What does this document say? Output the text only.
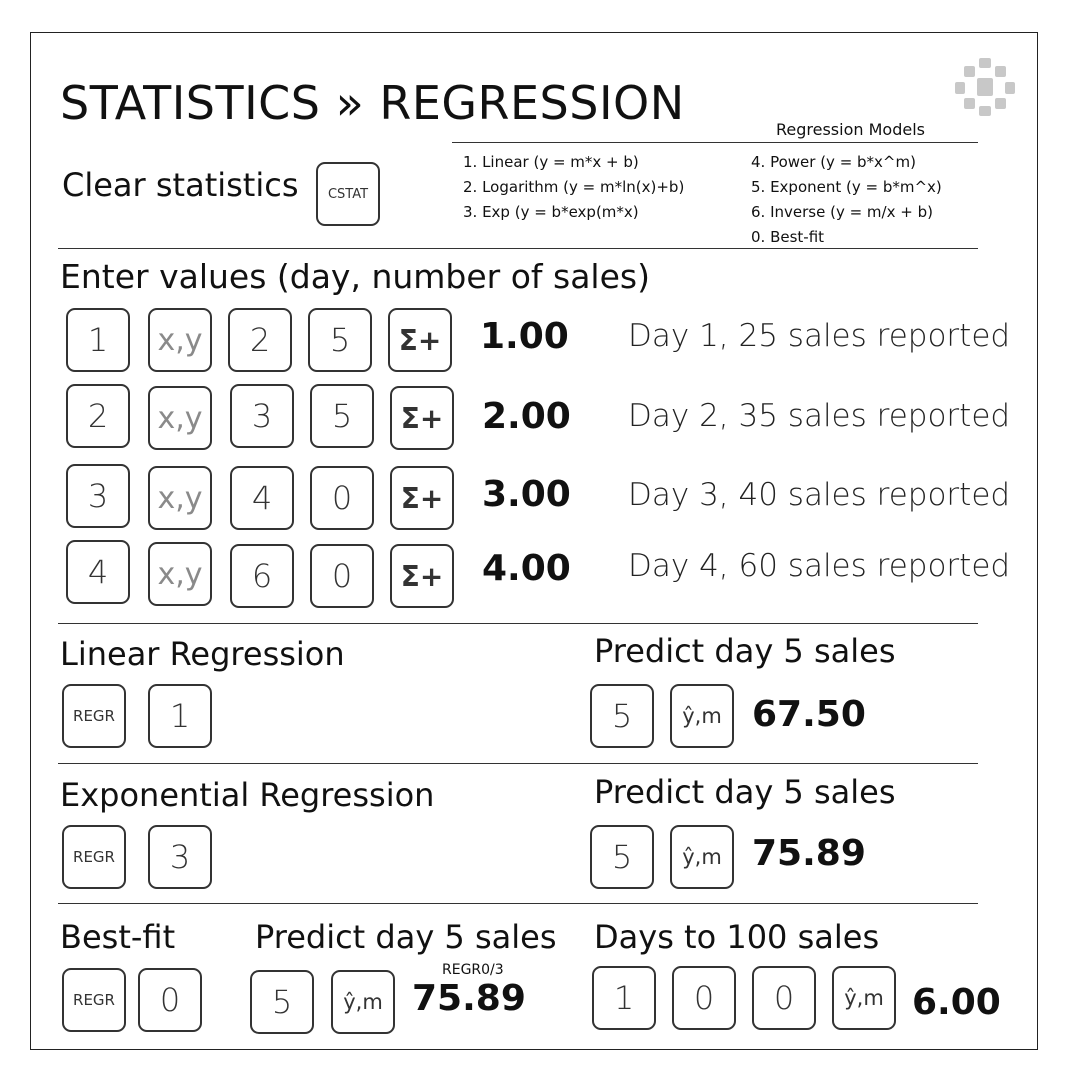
STATISTICS » REGRESSION
Clear statistics	CSTAT
Regression Models
1. Linear (y = m*x + b)
2. Logarithm (y = m*ln(x)+b)
3. Exp (y = b*exp(m*x)
4. Power (y = b*x^m)
5. Exponent (y = b*m^x)
6. Inverse (y = m/x + b)
0. Best-fit
Enter values (day, number of sales)
1	x,y	2	5	Σ+ 1.00 Day 1, 25 sales reported
2	x,y	3	5	Σ+ 2.00 Day 2, 35 sales reported
3	x,y	4	0	Σ+ 3.00 Day 3, 40 sales reported
4	x,y	6	0	Σ+ 4.00 Day 4, 60 sales reported
Linear Regression
REGR	1
Predict day 5 sales
5	ŷ,m 67.50
Exponential Regression
REGR	3
Predict day 5 sales
5	ŷ,m 75.89
Best-fit
REGR	0
Predict day 5 sales
5	ŷ,m
REGR0/3
75.89
Days to 100 sales
1	0	0	ŷ,m 6.00
